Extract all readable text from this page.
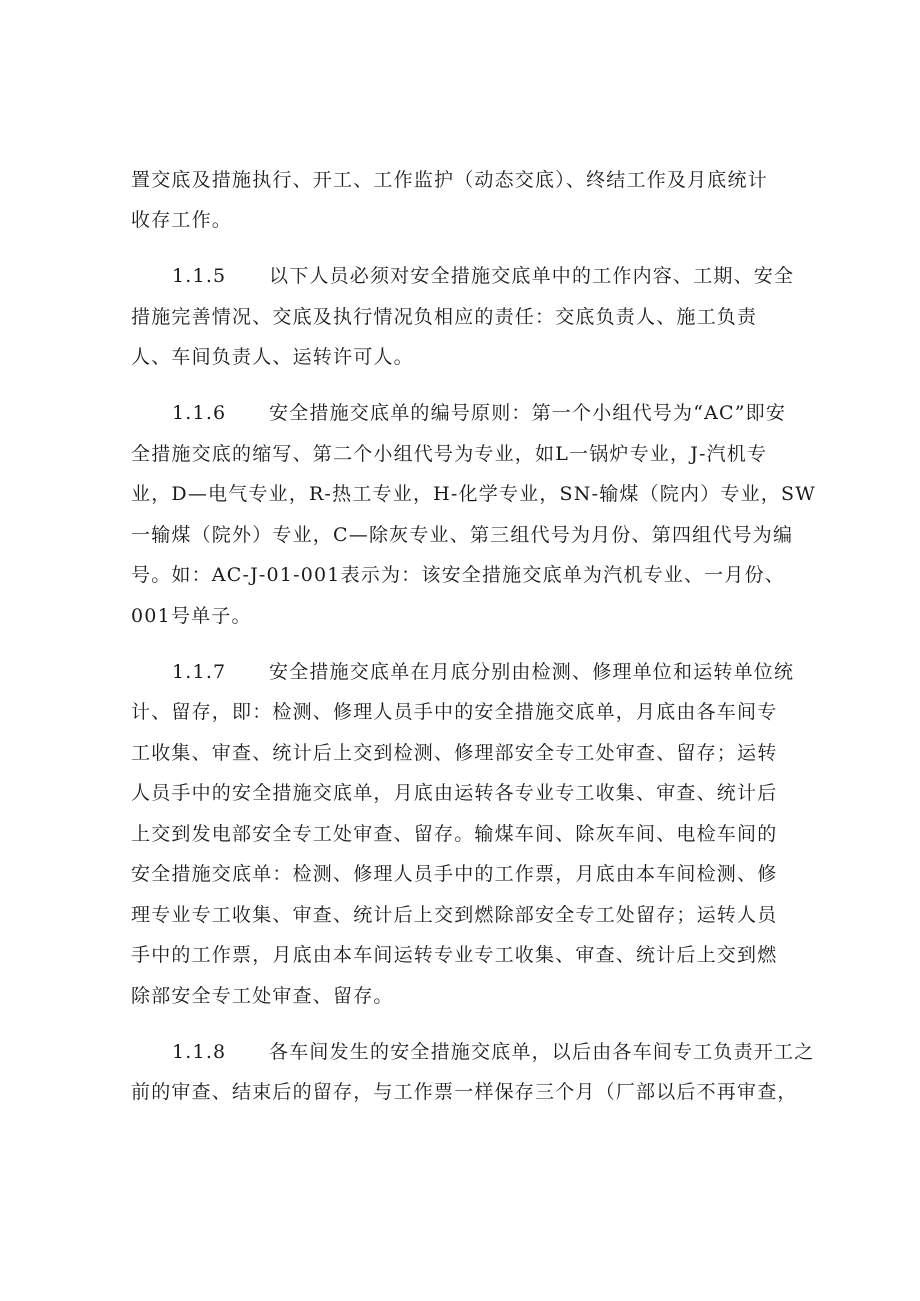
置交底及措施执行、开工、工作监护（动态交底）、终结工作及月底统计
收存工作。
1.1.5 以下人员必须对安全措施交底单中的工作内容、工期、安全
措施完善情况、交底及执行情况负相应的责任：交底负责人、施工负责
人、车间负责人、运转许可人。
1.1.6 安全措施交底单的编号原则：第一个小组代号为“AC”即安
全措施交底的缩写、第二个小组代号为专业，如L一锅炉专业，J-汽机专
业，D—电气专业，R-热工专业，H-化学专业，SN-输煤（院内）专业，SW
一输煤（院外）专业，C—除灰专业、第三组代号为月份、第四组代号为编
号。如：AC-J-01-001表示为：该安全措施交底单为汽机专业、一月份、
001号单子。
1.1.7 安全措施交底单在月底分别由检测、修理单位和运转单位统
计、留存，即：检测、修理人员手中的安全措施交底单，月底由各车间专
工收集、审查、统计后上交到检测、修理部安全专工处审查、留存；运转
人员手中的安全措施交底单，月底由运转各专业专工收集、审查、统计后
上交到发电部安全专工处审查、留存。输煤车间、除灰车间、电检车间的
安全措施交底单：检测、修理人员手中的工作票，月底由本车间检测、修
理专业专工收集、审查、统计后上交到燃除部安全专工处留存；运转人员
手中的工作票，月底由本车间运转专业专工收集、审查、统计后上交到燃
除部安全专工处审查、留存。
1.1.8 各车间发生的安全措施交底单，以后由各车间专工负责开工之
前的审查、结束后的留存，与工作票一样保存三个月（厂部以后不再审查，
